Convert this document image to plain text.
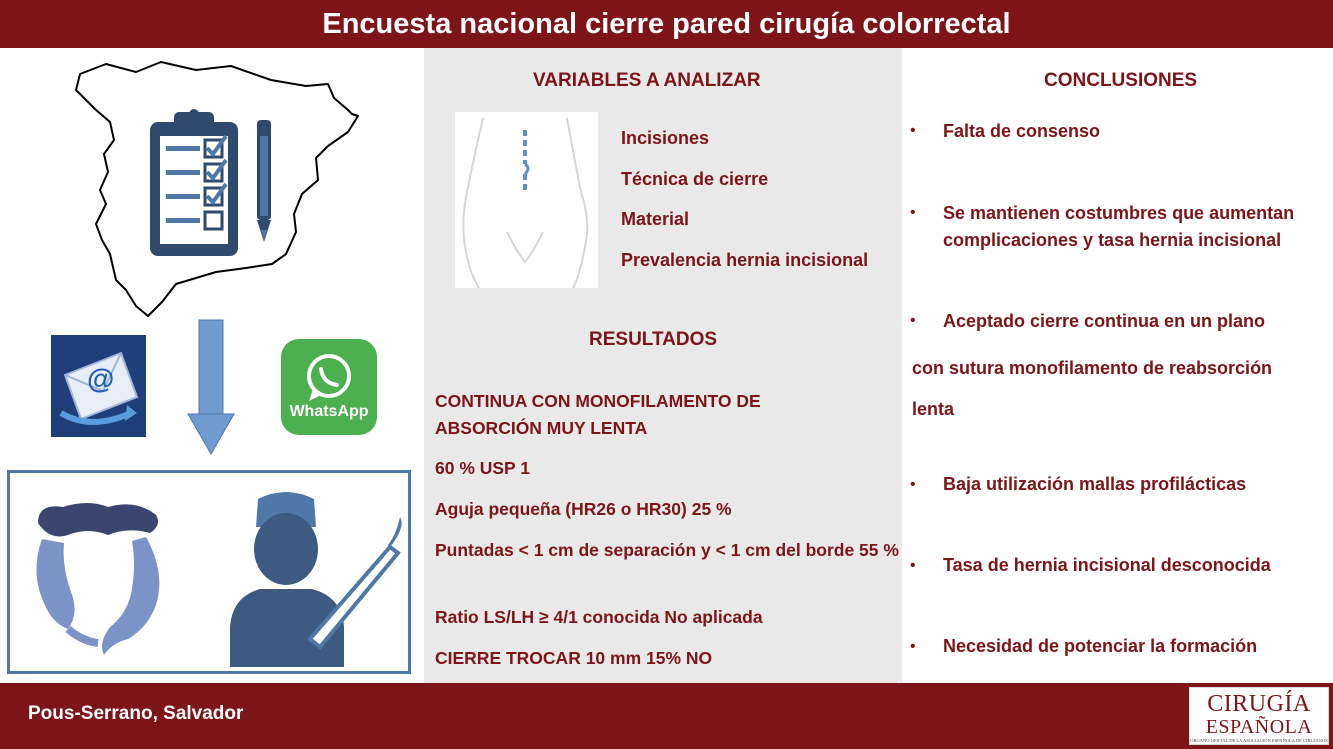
Encuesta nacional cierre pared cirugía colorrectal
@
WhatsApp
VARIABLES A ANALIZAR
Incisiones
Técnica de cierre
Material
Prevalencia hernia incisional
RESULTADOS
CONTINUA CON MONOFILAMENTO DE ABSORCIÓN MUY LENTA
60 % USP 1
Aguja pequeña (HR26 o HR30) 25 %
Puntadas < 1 cm de separación y < 1 cm del borde 55 %
Ratio LS/LH ≥ 4/1 conocida No aplicada
CIERRE TROCAR 10 mm 15% NO
CONCLUSIONES
• Falta de consenso
• Se mantienen costumbres que aumentan complicaciones y tasa hernia incisional
• Aceptado cierre continua en un plano
con sutura monofilamento de reabsorción lenta
• Baja utilización mallas profilácticas
• Tasa de hernia incisional desconocida
• Necesidad de potenciar la formación
Pous-Serrano, Salvador	CIRUGÍA
ESPAÑOLA
ÓRGANO OFICIAL DE LA ASOCIACIÓN ESPAÑOLA DE CIRUJANOS
